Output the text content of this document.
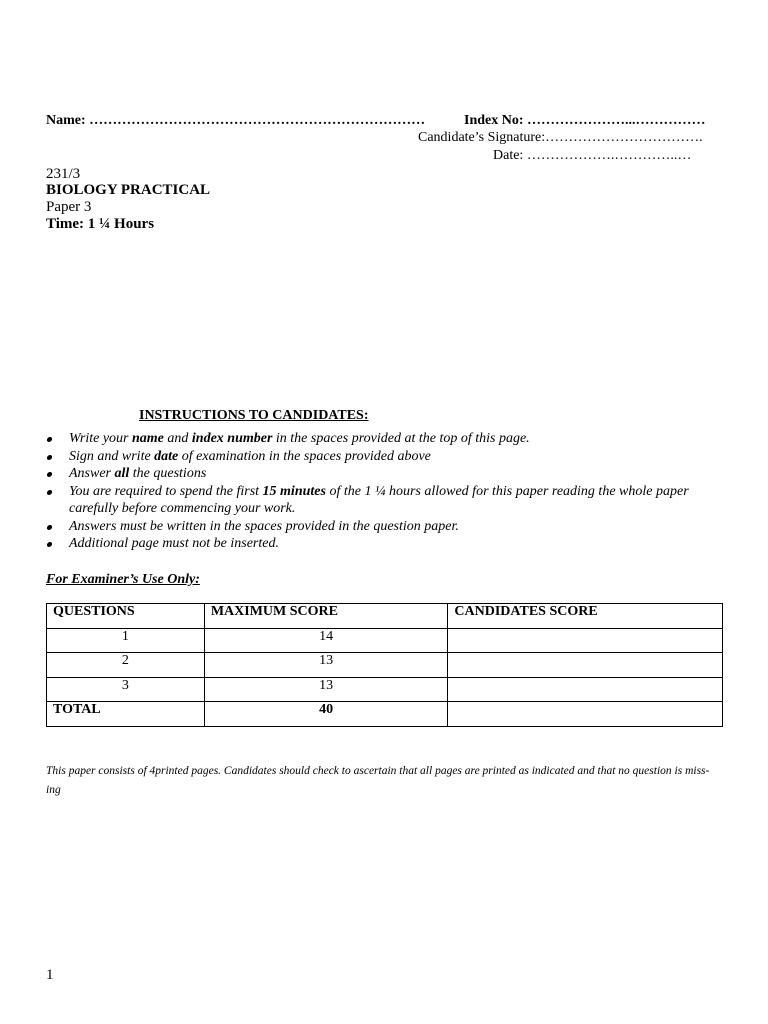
Name: ………………………………………………………………	Index No: …………………...……………
Candidate’s Signature:…………………………….
Date: ……………….…………..…
231/3
BIOLOGY PRACTICAL
Paper 3
Time: 1 ¼ Hours
INSTRUCTIONS TO CANDIDATES:
Write your name and index number in the spaces provided at the top of this page.
Sign and write date of examination in the spaces provided above
Answer all the questions
You are required to spend the first 15 minutes of the 1 ¼ hours allowed for this paper reading the whole paper carefully before commencing your work.
Answers must be written in the spaces provided in the question paper.
Additional page must not be inserted.
For Examiner’s Use Only:
QUESTIONS	MAXIMUM SCORE	CANDIDATES SCORE
1	14	
2	13	
3	13	
TOTAL	40	
This paper consists of 4printed pages. Candidates should check to ascertain that all pages are printed as indicated and that no question is miss-ing
1
